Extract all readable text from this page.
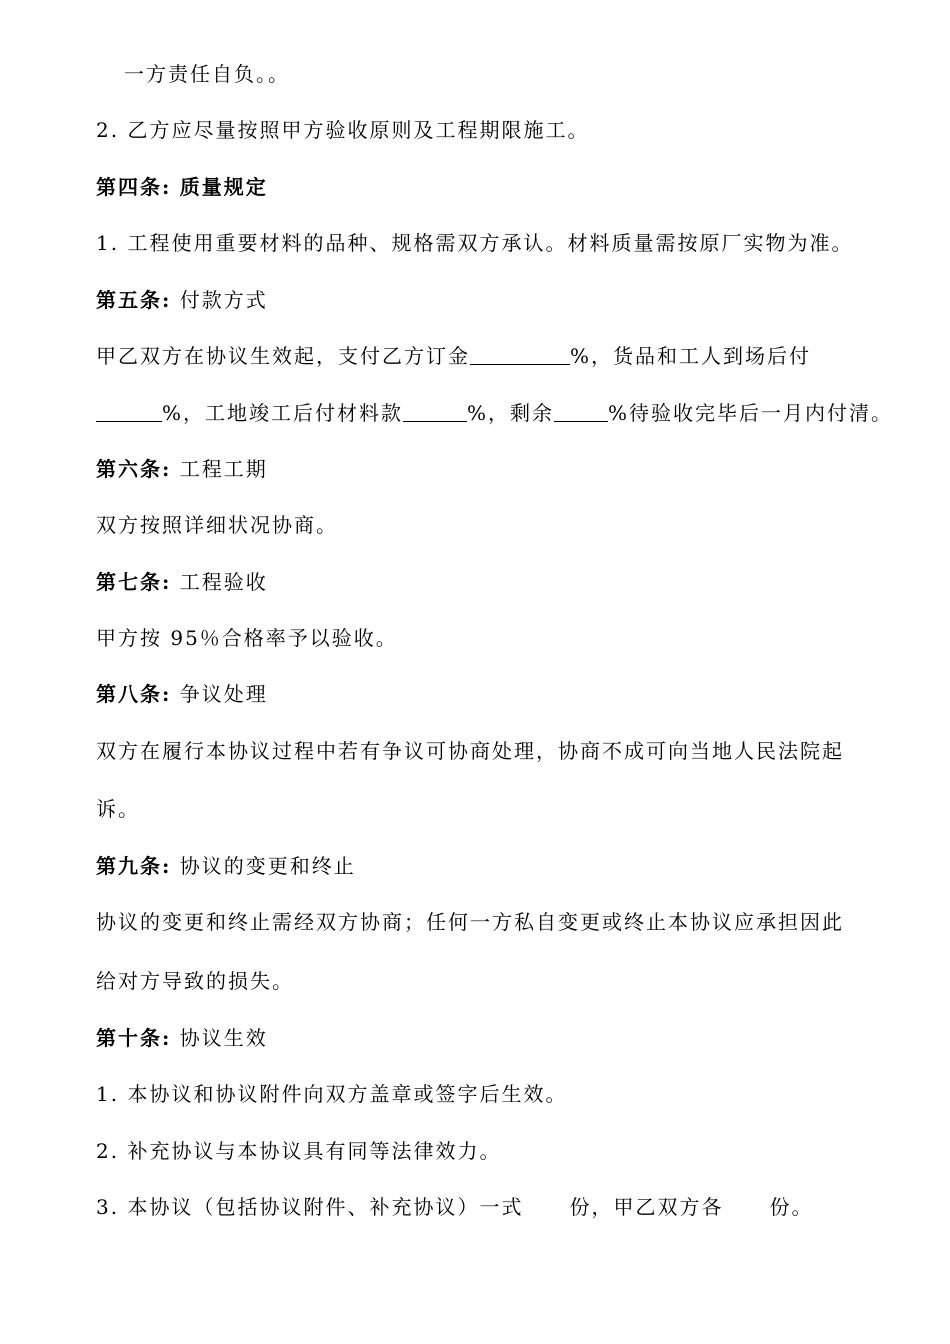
一方责任自负。。
2. 乙方应尽量按照甲方验收原则及工程期限施工。
第四条: 质量规定
1. 工程使用重要材料的品种、规格需双方承认。材料质量需按原厂实物为准。
第五条: 付款方式
甲乙双方在协议生效起，支付乙方订金	%，货品和工人到场后付
%，工地竣工后付材料款	%，剩余	%待验收完毕后一月内付清。
第六条: 工程工期
双方按照详细状况协商。
第七条: 工程验收
甲方按 95％合格率予以验收。
第八条: 争议处理
双方在履行本协议过程中若有争议可协商处理，协商不成可向当地人民法院起
诉。
第九条: 协议的变更和终止
协议的变更和终止需经双方协商；任何一方私自变更或终止本协议应承担因此
给对方导致的损失。
第十条: 协议生效
1. 本协议和协议附件向双方盖章或签字后生效。
2. 补充协议与本协议具有同等法律效力。
3. 本协议（包括协议附件、补充协议）一式 份，甲乙双方各 份。
